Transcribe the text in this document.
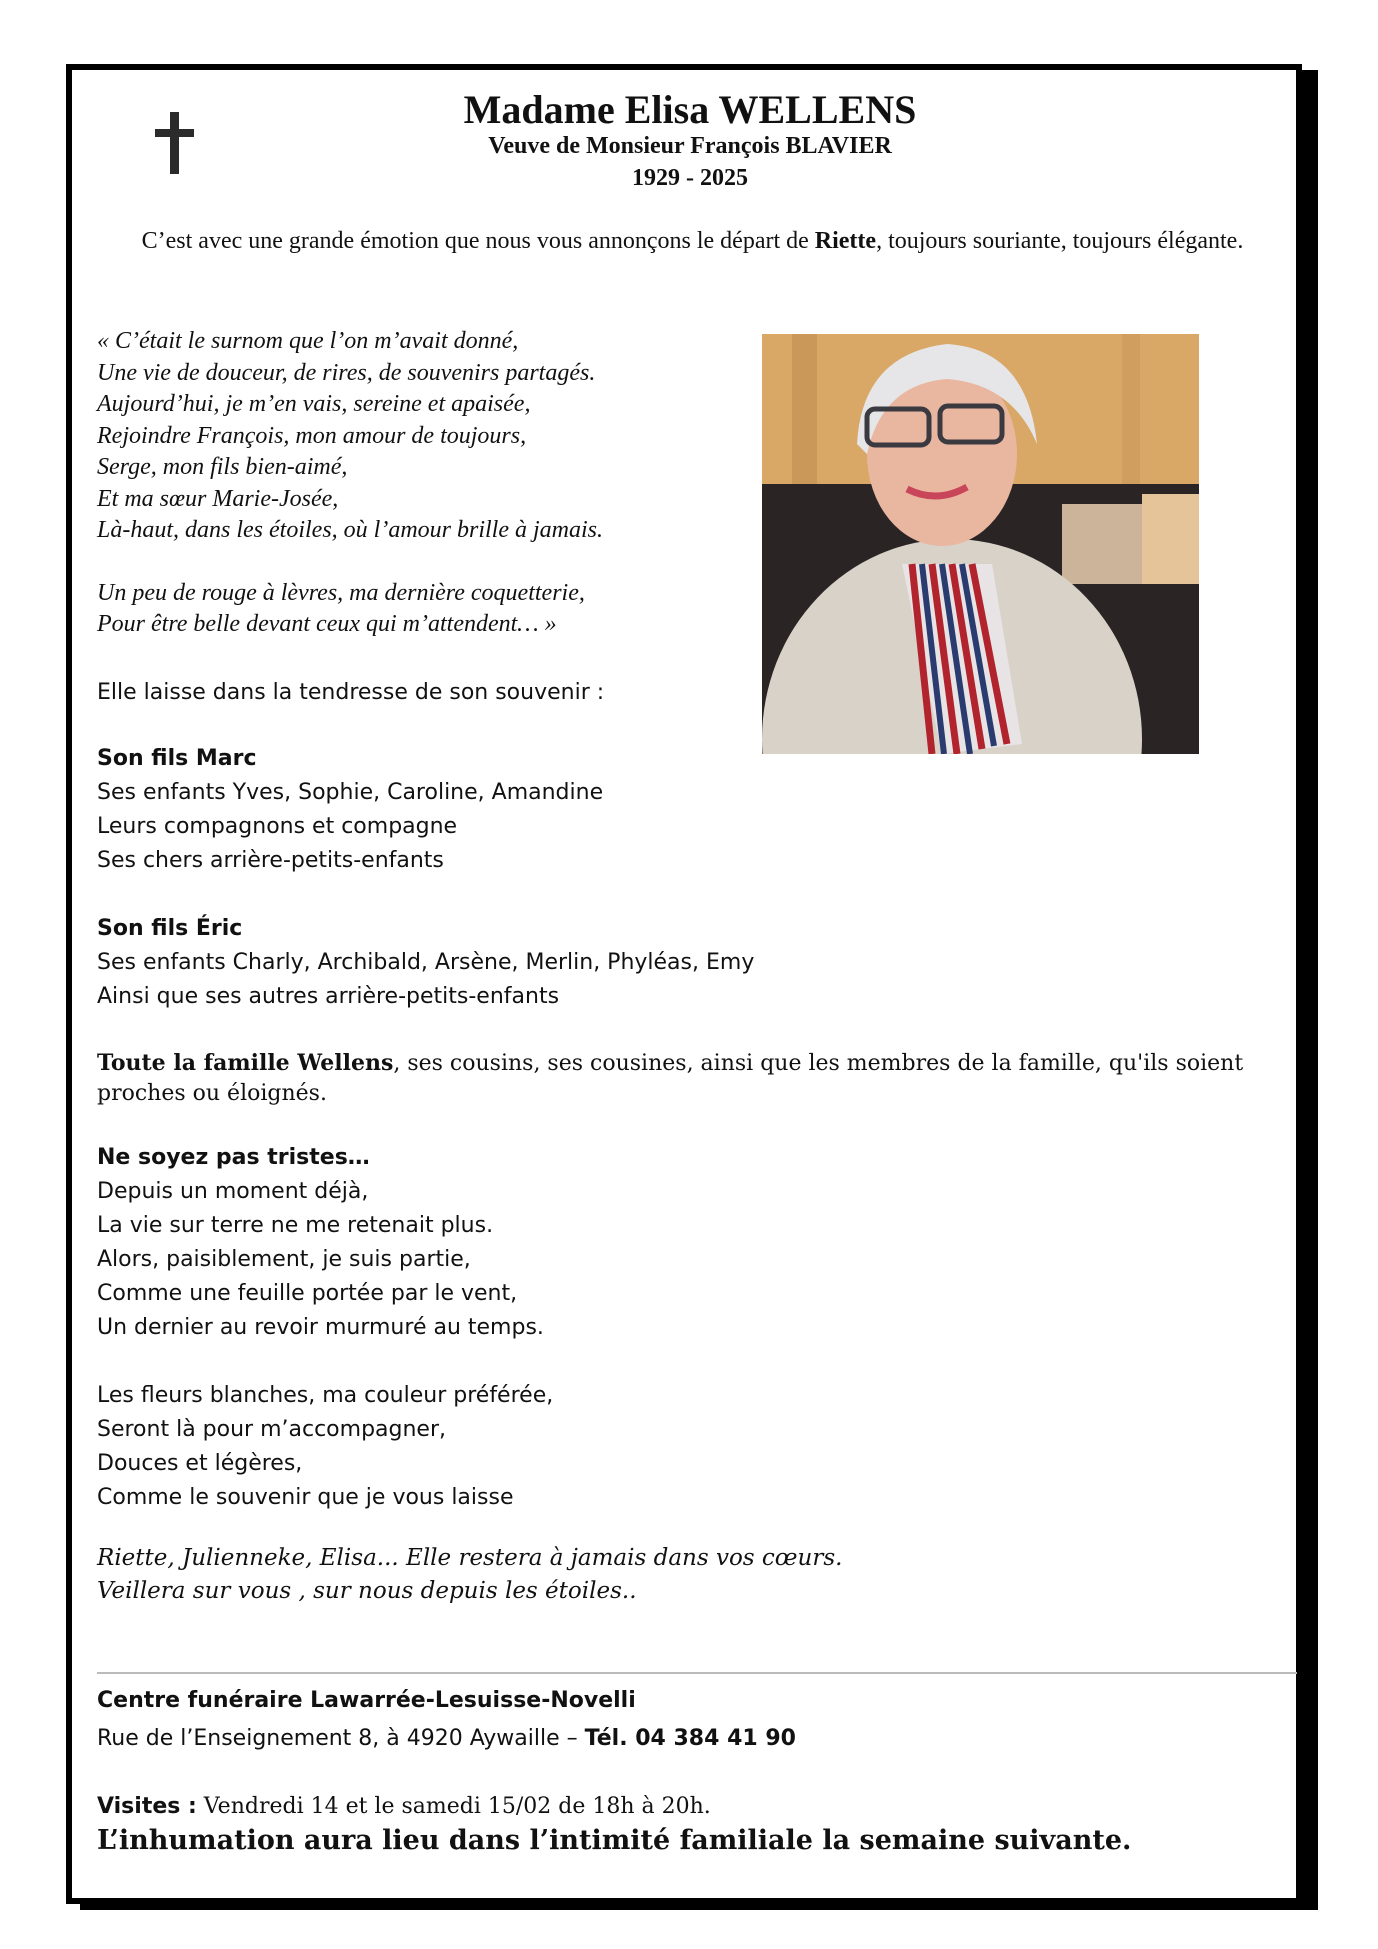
Madame Elisa WELLENS
Veuve de Monsieur François BLAVIER
1929 - 2025
C’est avec une grande émotion que nous vous annonçons le départ de Riette, toujours souriante, toujours élégante.
« C’était le surnom que l’on m’avait donné,
Une vie de douceur, de rires, de souvenirs partagés.
Aujourd’hui, je m’en vais, sereine et apaisée,
Rejoindre François, mon amour de toujours,
Serge, mon fils bien-aimé,
Et ma sœur Marie-Josée,
Là-haut, dans les étoiles, où l’amour brille à jamais.
Un peu de rouge à lèvres, ma dernière coquetterie,
Pour être belle devant ceux qui m’attendent… »
Elle laisse dans la tendresse de son souvenir :
Son fils Marc
Ses enfants Yves, Sophie, Caroline, Amandine
Leurs compagnons et compagne
Ses chers arrière-petits-enfants
Son fils Éric
Ses enfants Charly, Archibald, Arsène, Merlin, Phyléas, Emy
Ainsi que ses autres arrière-petits-enfants
Toute la famille Wellens, ses cousins, ses cousines, ainsi que les membres de la famille, qu'ils soient proches ou éloignés.
Ne soyez pas tristes…
Depuis un moment déjà,
La vie sur terre ne me retenait plus.
Alors, paisiblement, je suis partie,
Comme une feuille portée par le vent,
Un dernier au revoir murmuré au temps.
Les fleurs blanches, ma couleur préférée,
Seront là pour m’accompagner,
Douces et légères,
Comme le souvenir que je vous laisse
Riette, Julienneke, Elisa... Elle restera à jamais dans vos cœurs.
Veillera sur vous , sur nous depuis les étoiles..
Centre funéraire Lawarrée-Lesuisse-Novelli
Rue de l’Enseignement 8, à 4920 Aywaille – Tél. 04 384 41 90
Visites : Vendredi 14 et le samedi 15/02 de 18h à 20h.
L’inhumation aura lieu dans l’intimité familiale la semaine suivante.
